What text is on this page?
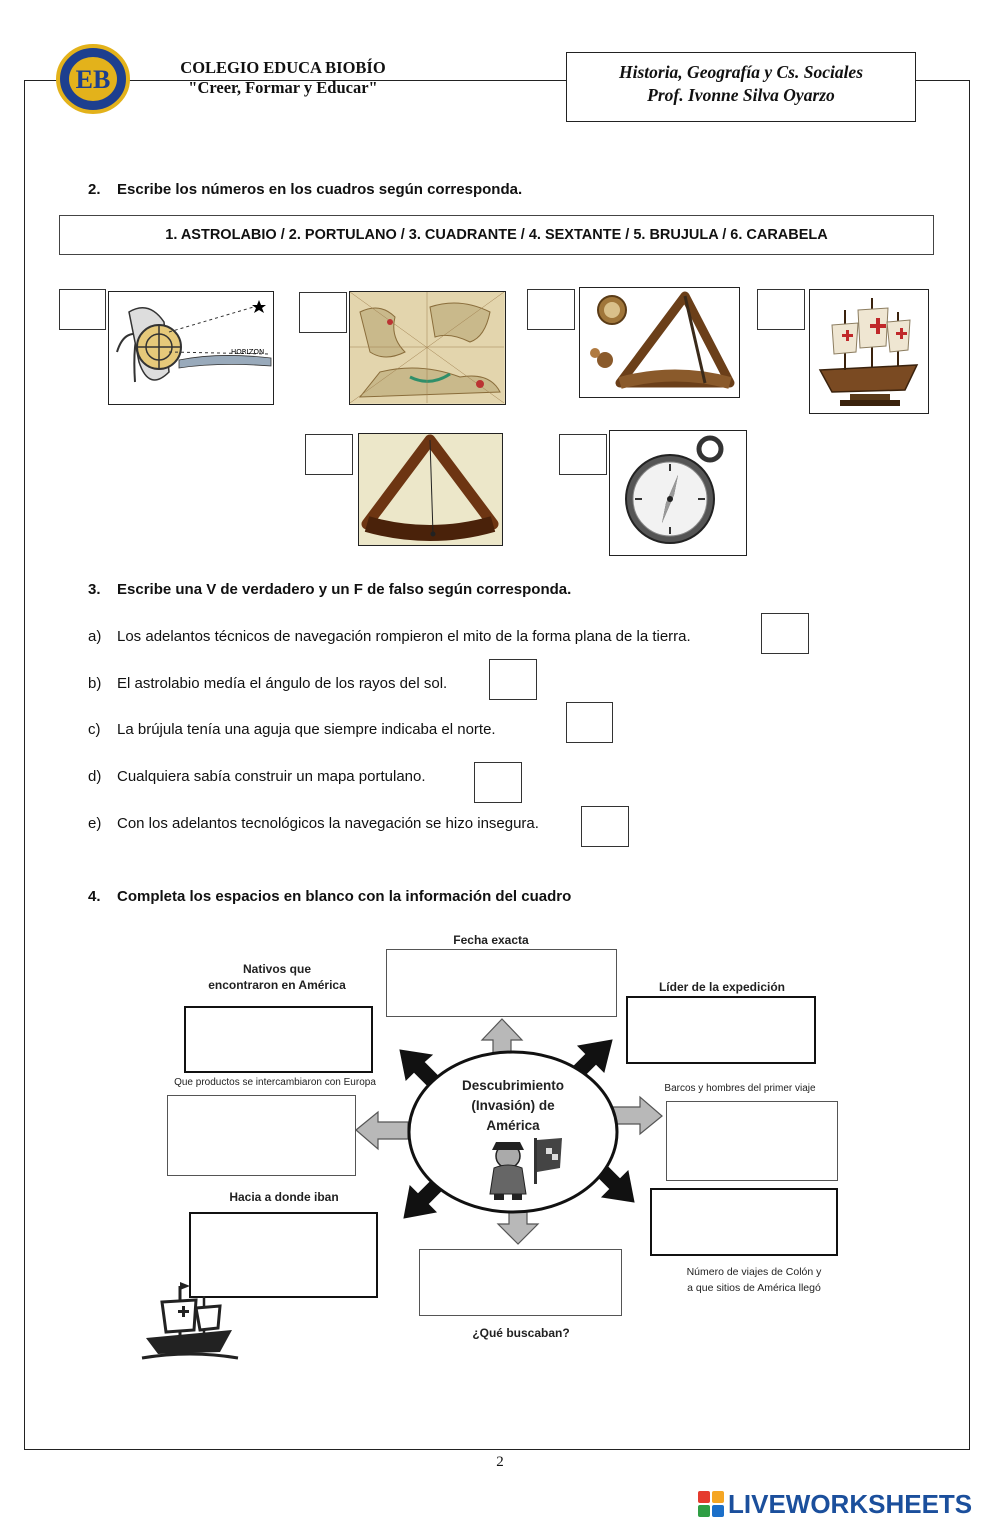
EB	COLEGIO EDUCA BIOBÍO
"Creer, Formar y Educar"
Historia, Geografía y Cs. Sociales
Prof. Ivonne Silva Oyarzo
2. Escribe los números en los cuadros según corresponda.
1. ASTROLABIO / 2. PORTULANO / 3. CUADRANTE / 4. SEXTANTE / 5. BRUJULA / 6. CARABELA
HORIZON
3. Escribe una V de verdadero y un F de falso según corresponda.
a) Los adelantos técnicos de navegación rompieron el mito de la forma plana de la tierra.
b) El astrolabio medía el ángulo de los rayos del sol.
c) La brújula tenía una aguja que siempre indicaba el norte.
d) Cualquiera sabía construir un mapa portulano.
e) Con los adelantos tecnológicos la navegación se hizo insegura.
4. Completa los espacios en blanco con la información del cuadro
Descubrimiento
(Invasión) de
América
Fecha exacta
Nativos que
encontraron en América	Líder de la expedición
Que productos se intercambiaron con Europa
Barcos y hombres del primer viaje
Hacia a donde iban
Número de viajes de Colón y
a que sitios de América llegó
¿Qué buscaban?
2
LIVEWORKSHEETS
